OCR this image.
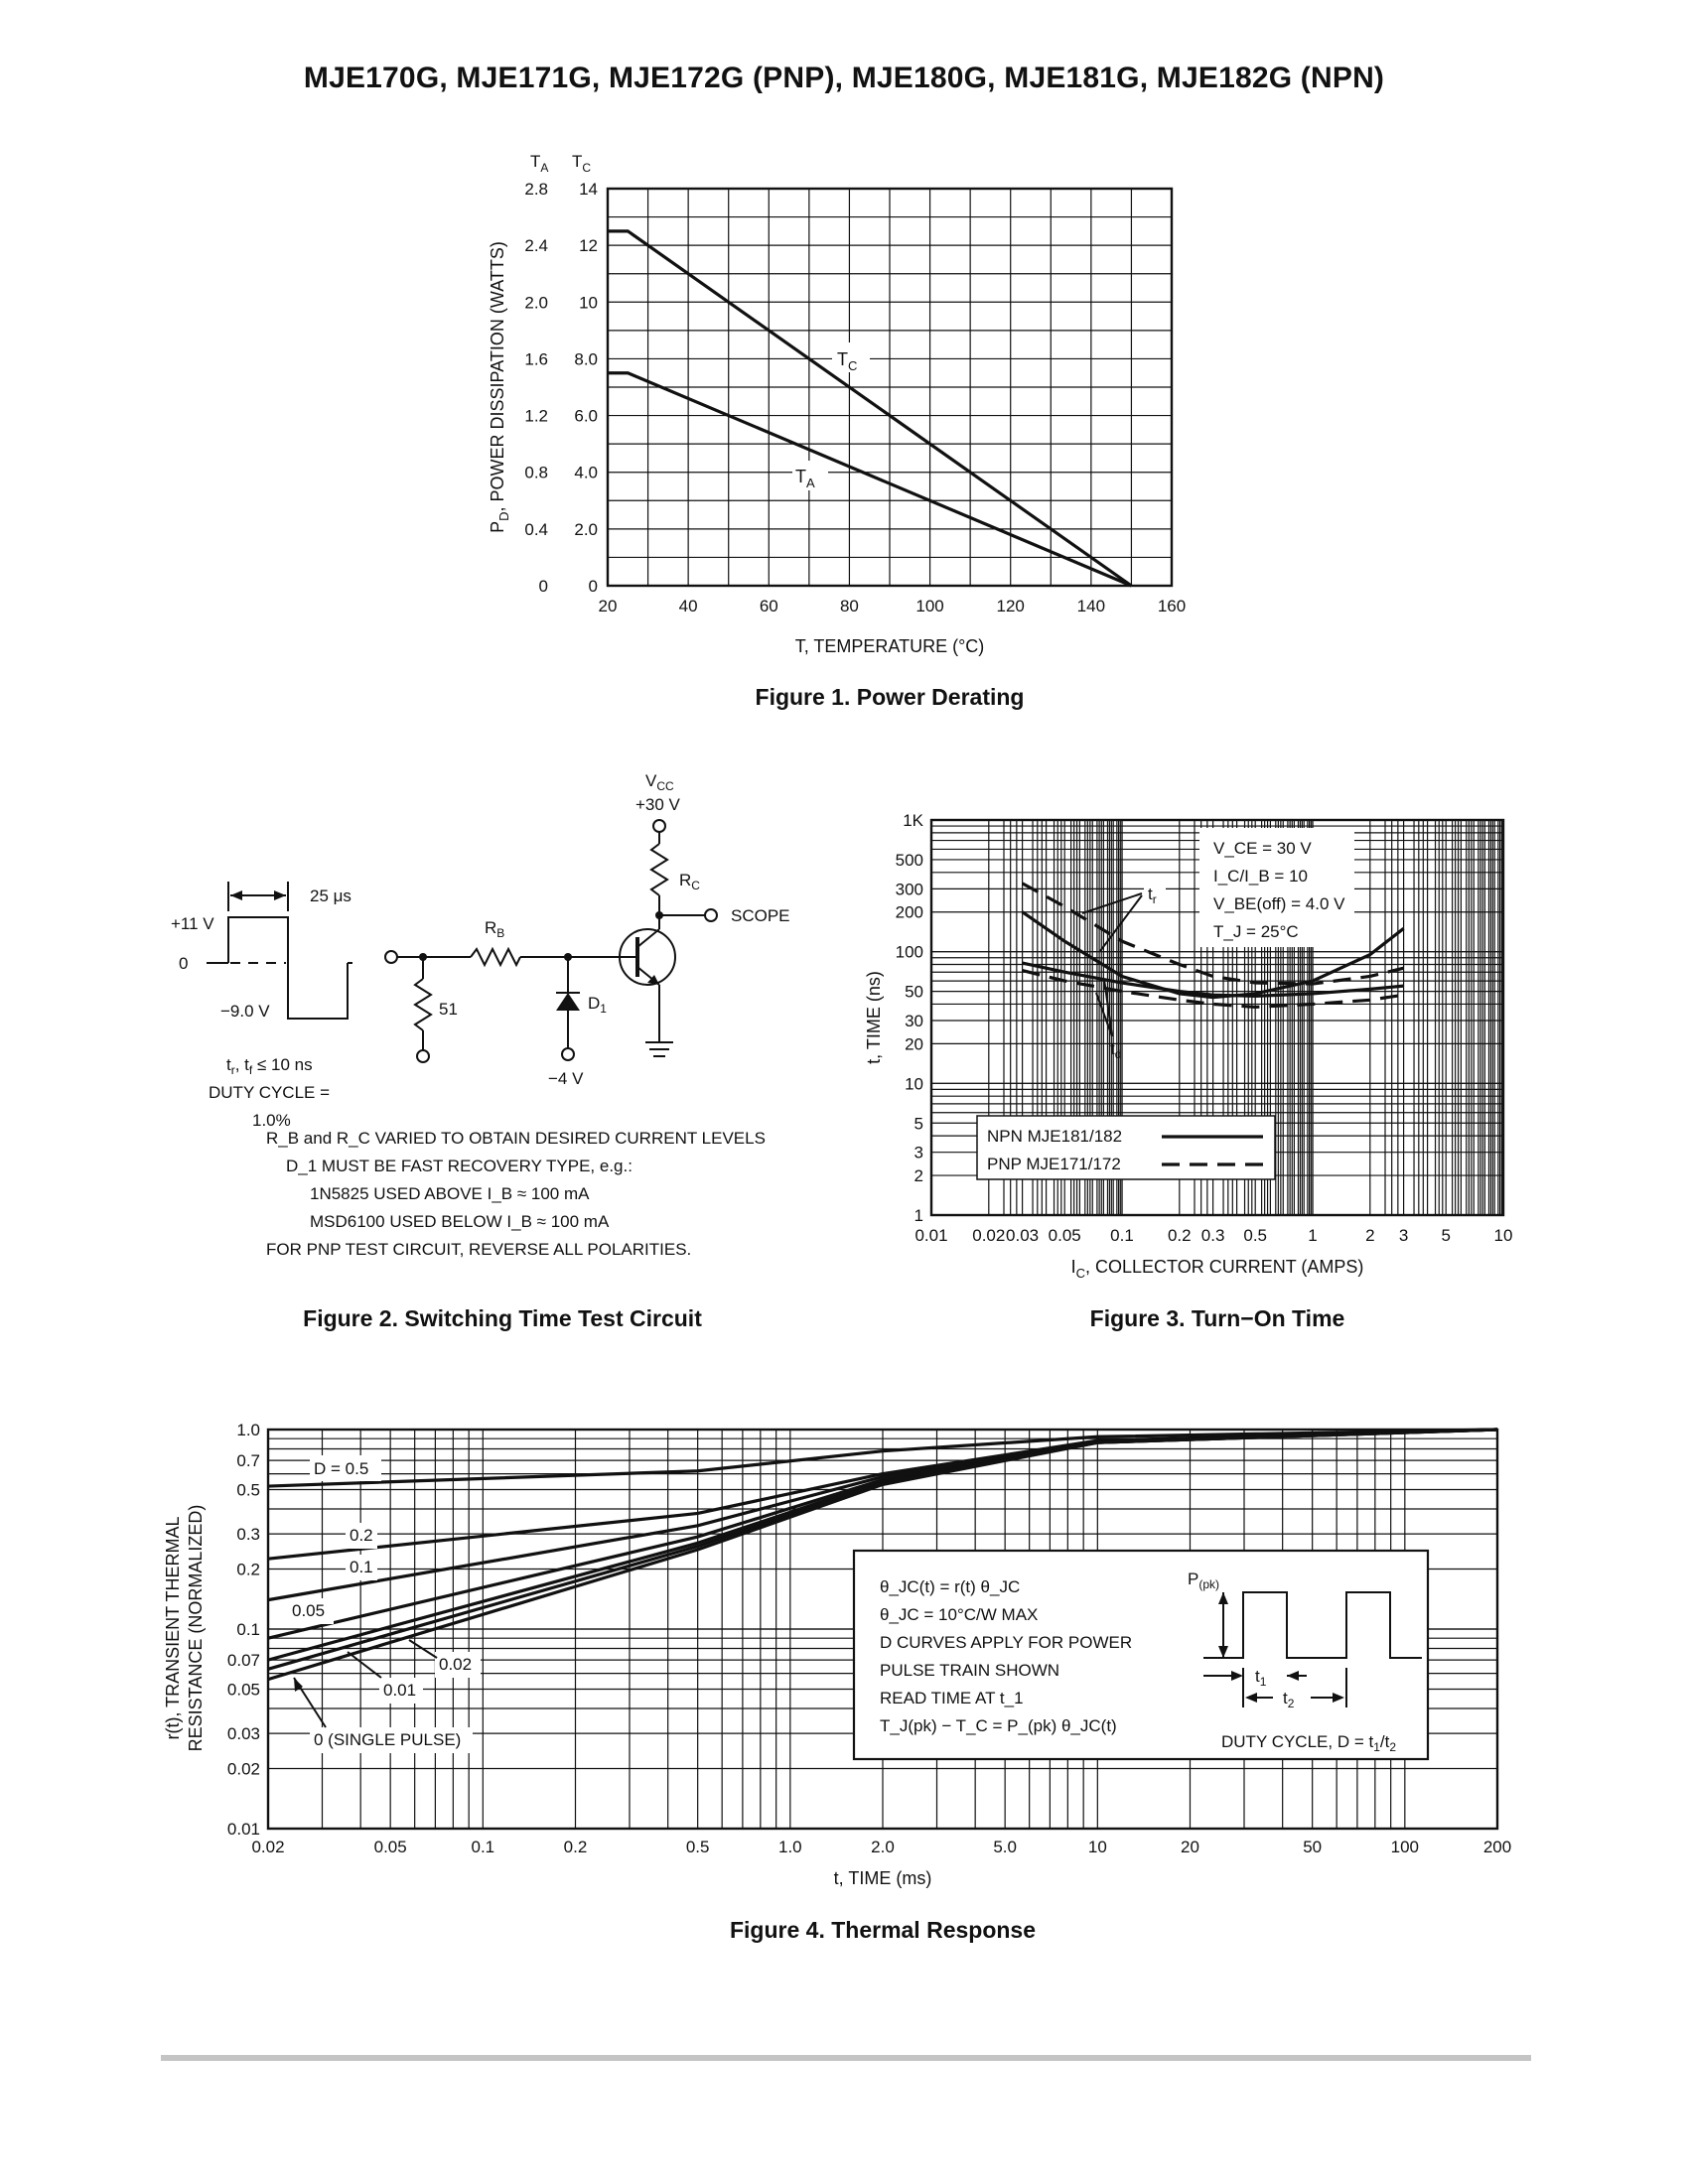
MJE170G, MJE171G, MJE172G (PNP), MJE180G, MJE181G, MJE182G (NPN)
$T_A$ $T_C$
0
0.4
0.8
1.2
1.6
2.0
2.4
2.8
0
2.0
4.0
6.0
8.0
10
12
14
20	40	60	80	100	120	140	160
$P_D$, POWER DISSIPATION (WATTS)
T, TEMPERATURE (°C)
$T_C$
$T_A$
Figure 1. Power Derating
25 μs
+11 V
0
−9.0 V
$t_r$, $t_f \le 10$ ns
DUTY CYCLE =
1.0%
$V_{CC}$
+30 V
$R_C$
$R_B$
SCOPE
$D_1$
51
−4 V
R_B and R_C VARIED TO OBTAIN DESIRED CURRENT LEVELS
D_1 MUST BE FAST RECOVERY TYPE, e.g.:
1N5825 USED ABOVE I_B ≈ 100 mA
MSD6100 USED BELOW I_B ≈ 100 mA
FOR PNP TEST CIRCUIT, REVERSE ALL POLARITIES.
Figure 2. Switching Time Test Circuit
1K
500
300
200
100
50
30
20
10
5
3
2
1
0.01 0.02 0.03 0.05 0.1 0.2 0.3 0.5 1	2 3 5	10
t, TIME (ns)
$I_C$, COLLECTOR CURRENT (AMPS)
V_CE = 30 V
I_C/I_B = 10
V_BE(off) = 4.0 V
T_J = 25°C
$t_r$
$t_d$
NPN MJE181/182
PNP MJE171/172
Figure 3. Turn−On Time
1.0
0.7
0.5
0.3
0.2
0.1
0.07
0.05
0.03
0.02
0.01
0.02	0.05	0.1	0.2	0.5	1.0	2.0	5.0	10	20	50	100	200
r(t), TRANSIENT THERMAL RESISTANCE (NORMALIZED)
t, TIME (ms)
D = 0.5
0.2
0.1
0.05
0.02
0.01
0 (SINGLE PULSE)
θ_JC(t) = r(t) θ_JC
θ_JC = 10°C/W MAX
D CURVES APPLY FOR POWER
PULSE TRAIN SHOWN
READ TIME AT t_1
T_J(pk) − T_C = P_(pk) θ_JC(t)
$P_{(pk)}$
$t_1$
$t_2$
DUTY CYCLE, $D = t_1/t_2$
Figure 4. Thermal Response
